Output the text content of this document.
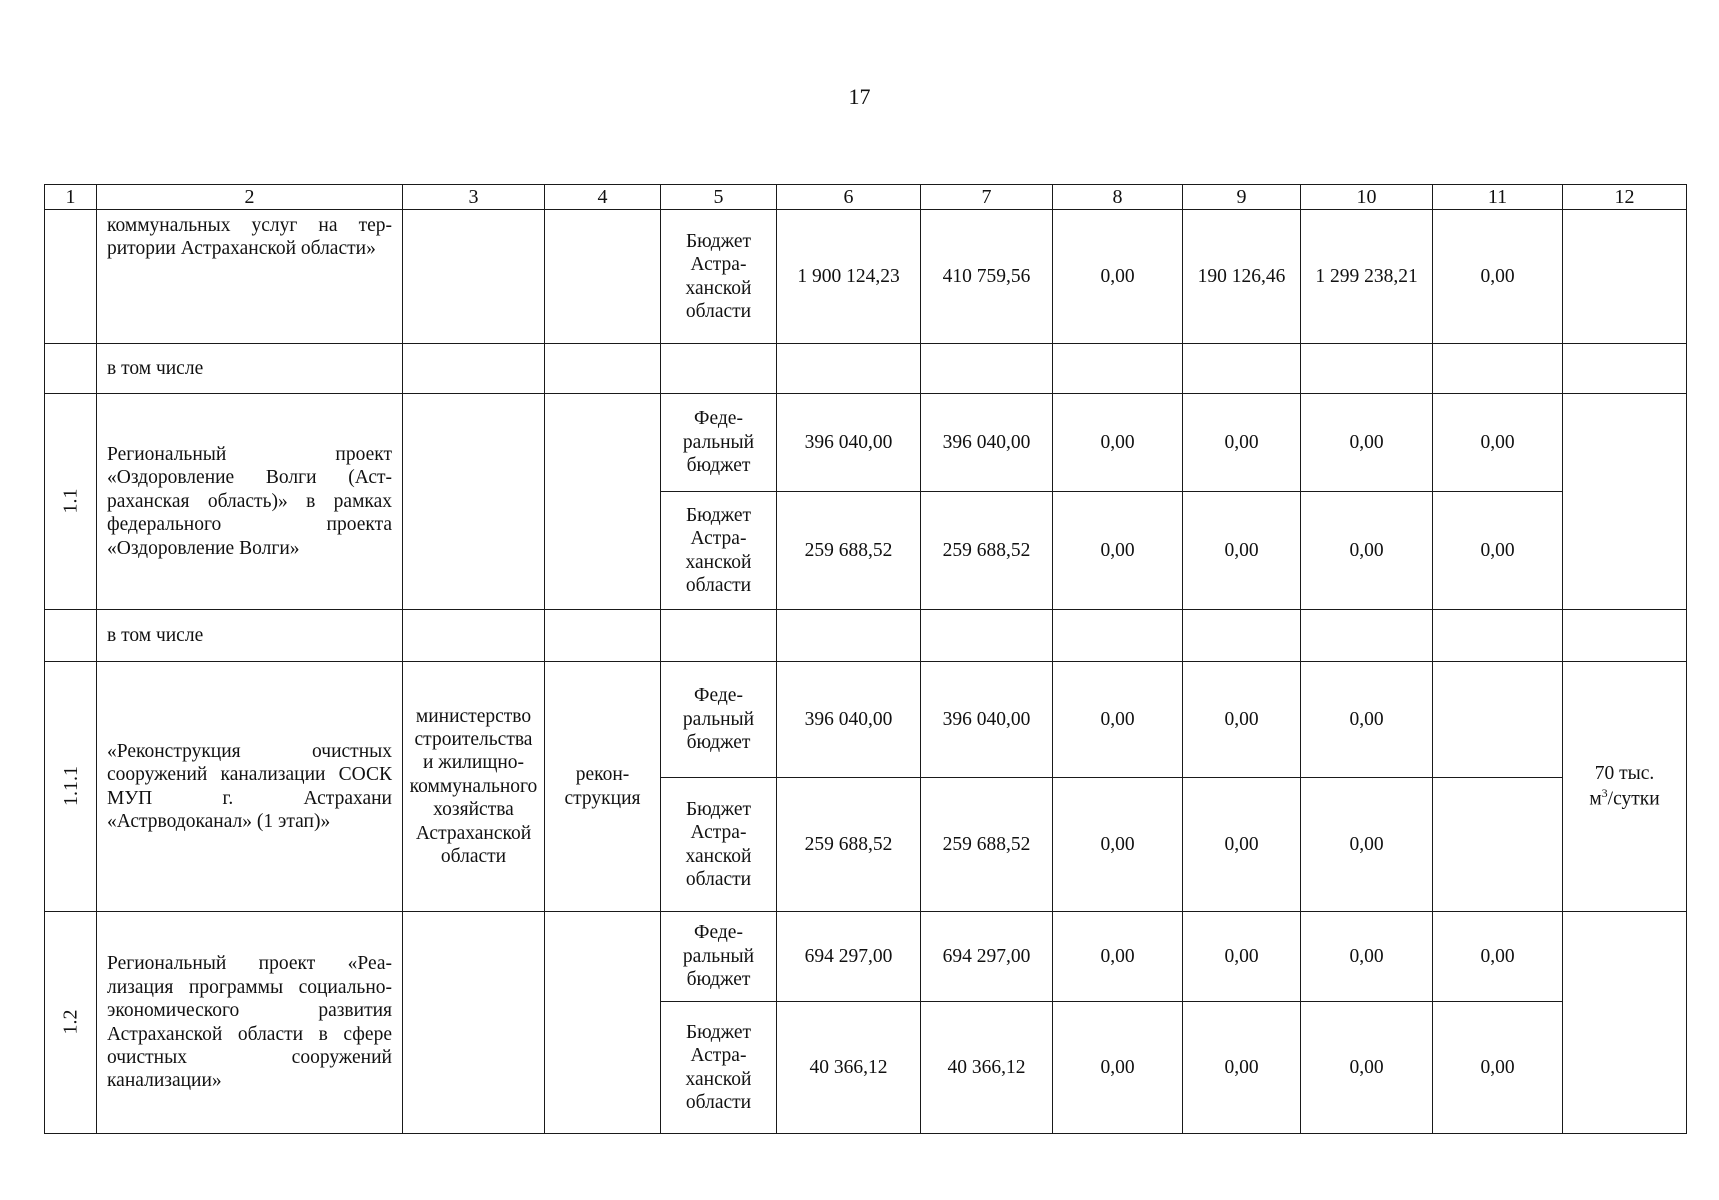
17
1	2	3	4	5	6	7	8	9	10	11	12
	коммунальных услуг на территории Астраханской области»			Бюджет Астраханской области	1 900 124,23	410 759,56	0,00	190 126,46	1 299 238,21	0,00	
	в том числе										
1.1	Региональный проект «Оздоровление Волги (Астраханская область)» в рамках федерального проекта «Оздоровление Волги»			Федеральный бюджет	396 040,00	396 040,00	0,00	0,00	0,00	0,00	
				Бюджет Астраханской области	259 688,52	259 688,52	0,00	0,00	0,00	0,00	
	в том числе										
1.1.1	«Реконструкция очистных сооружений канализации СОСК МУП г. Астрахани «Астрводоканал» (1 этап)»	министерство строительства и жилищно-коммунального хозяйства Астраханской области	реконструкция	Федеральный бюджет	396 040,00	396 040,00	0,00	0,00	0,00		70 тыс.
$м^3$/сутки

				Бюджет Астраханской области	259 688,52	259 688,52	0,00	0,00	0,00		
1.2	Региональный проект «Реализация программы социально-экономического развития Астраханской области в сфере очистных сооружений канализации»			Федеральный бюджет	694 297,00	694 297,00	0,00	0,00	0,00	0,00	
				Бюджет Астраханской области	40 366,12	40 366,12	0,00	0,00	0,00	0,00	
